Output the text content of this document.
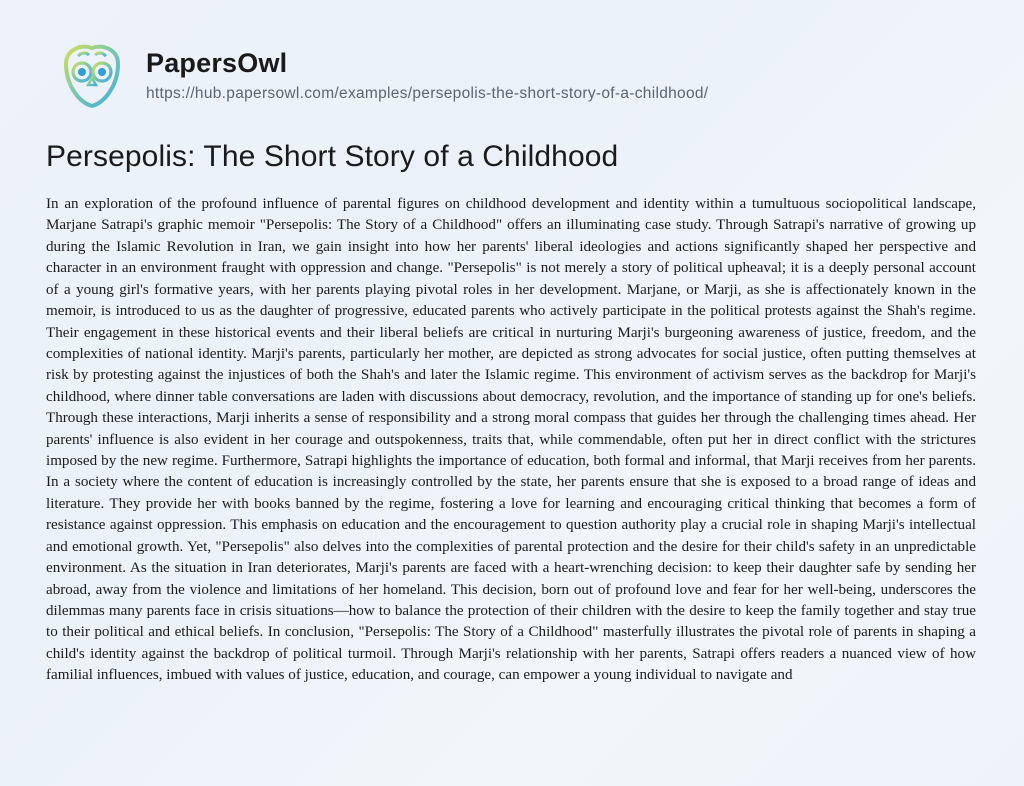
PapersOwl
https://hub.papersowl.com/examples/persepolis-the-short-story-of-a-childhood/
Persepolis: The Short Story of a Childhood
In an exploration of the profound influence of parental figures on childhood development and identity within a tumultuous sociopolitical landscape, Marjane Satrapi's graphic memoir "Persepolis: The Story of a Childhood" offers an illuminating case study. Through Satrapi's narrative of growing up during the Islamic Revolution in Iran, we gain insight into how her parents' liberal ideologies and actions significantly shaped her perspective and character in an environment fraught with oppression and change. "Persepolis" is not merely a story of political upheaval; it is a deeply personal account of a young girl's formative years, with her parents playing pivotal roles in her development. Marjane, or Marji, as she is affectionately known in the memoir, is introduced to us as the daughter of progressive, educated parents who actively participate in the political protests against the Shah's regime. Their engagement in these historical events and their liberal beliefs are critical in nurturing Marji's burgeoning awareness of justice, freedom, and the complexities of national identity. Marji's parents, particularly her mother, are depicted as strong advocates for social justice, often putting themselves at risk by protesting against the injustices of both the Shah's and later the Islamic regime. This environment of activism serves as the backdrop for Marji's childhood, where dinner table conversations are laden with discussions about democracy, revolution, and the importance of standing up for one's beliefs. Through these interactions, Marji inherits a sense of responsibility and a strong moral compass that guides her through the challenging times ahead. Her parents' influence is also evident in her courage and outspokenness, traits that, while commendable, often put her in direct conflict with the strictures imposed by the new regime. Furthermore, Satrapi highlights the importance of education, both formal and informal, that Marji receives from her parents. In a society where the content of education is increasingly controlled by the state, her parents ensure that she is exposed to a broad range of ideas and literature. They provide her with books banned by the regime, fostering a love for learning and encouraging critical thinking that becomes a form of resistance against oppression. This emphasis on education and the encouragement to question authority play a crucial role in shaping Marji's intellectual and emotional growth. Yet, "Persepolis" also delves into the complexities of parental protection and the desire for their child's safety in an unpredictable environment. As the situation in Iran deteriorates, Marji's parents are faced with a heart-wrenching decision: to keep their daughter safe by sending her abroad, away from the violence and limitations of her homeland. This decision, born out of profound love and fear for her well-being, underscores the dilemmas many parents face in crisis situations—how to balance the protection of their children with the desire to keep the family together and stay true to their political and ethical beliefs. In conclusion, "Persepolis: The Story of a Childhood" masterfully illustrates the pivotal role of parents in shaping a child's identity against the backdrop of political turmoil. Through Marji's relationship with her parents, Satrapi offers readers a nuanced view of how familial influences, imbued with values of justice, education, and courage, can empower a young individual to navigate and
